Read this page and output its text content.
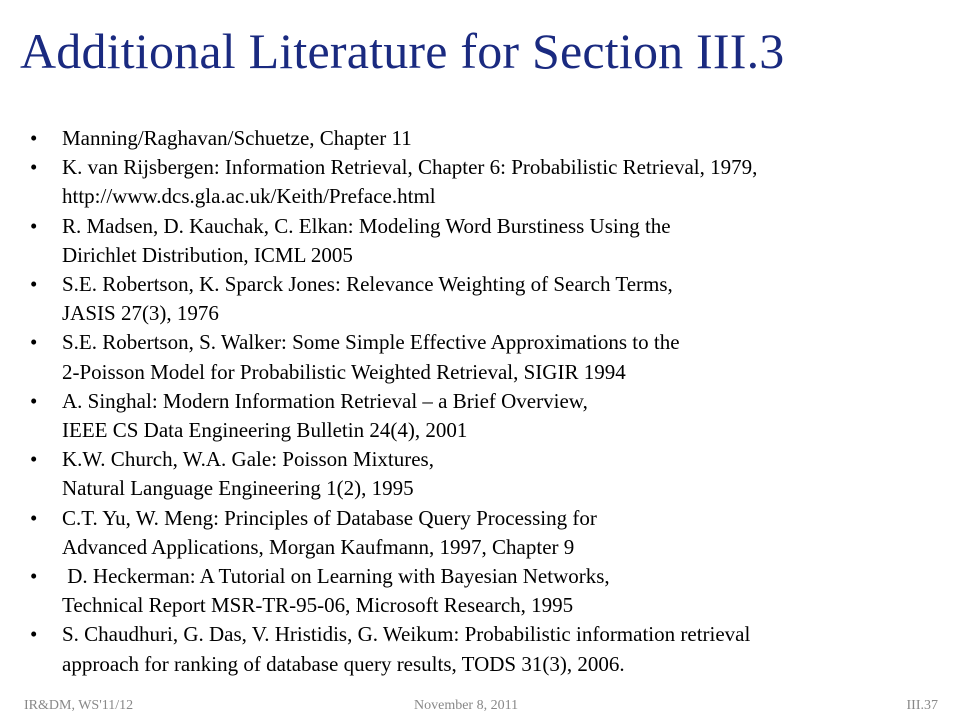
Additional Literature for Section III.3
• Manning/Raghavan/Schuetze, Chapter 11
• K. van Rijsbergen: Information Retrieval, Chapter 6: Probabilistic Retrieval, 1979,
http://www.dcs.gla.ac.uk/Keith/Preface.html
• R. Madsen, D. Kauchak, C. Elkan: Modeling Word Burstiness Using the
Dirichlet Distribution, ICML 2005
• S.E. Robertson, K. Sparck Jones: Relevance Weighting of Search Terms,
JASIS 27(3), 1976
• S.E. Robertson, S. Walker: Some Simple Effective Approximations to the
2-Poisson Model for Probabilistic Weighted Retrieval, SIGIR 1994
• A. Singhal: Modern Information Retrieval – a Brief Overview,
IEEE CS Data Engineering Bulletin 24(4), 2001
• K.W. Church, W.A. Gale: Poisson Mixtures,
Natural Language Engineering 1(2), 1995
• C.T. Yu, W. Meng: Principles of Database Query Processing for
Advanced Applications, Morgan Kaufmann, 1997, Chapter 9
• D. Heckerman: A Tutorial on Learning with Bayesian Networks,
Technical Report MSR-TR-95-06, Microsoft Research, 1995
• S. Chaudhuri, G. Das, V. Hristidis, G. Weikum: Probabilistic information retrieval
approach for ranking of database query results, TODS 31(3), 2006.
IR&DM, WS'11/12	November 8, 2011	III.37
